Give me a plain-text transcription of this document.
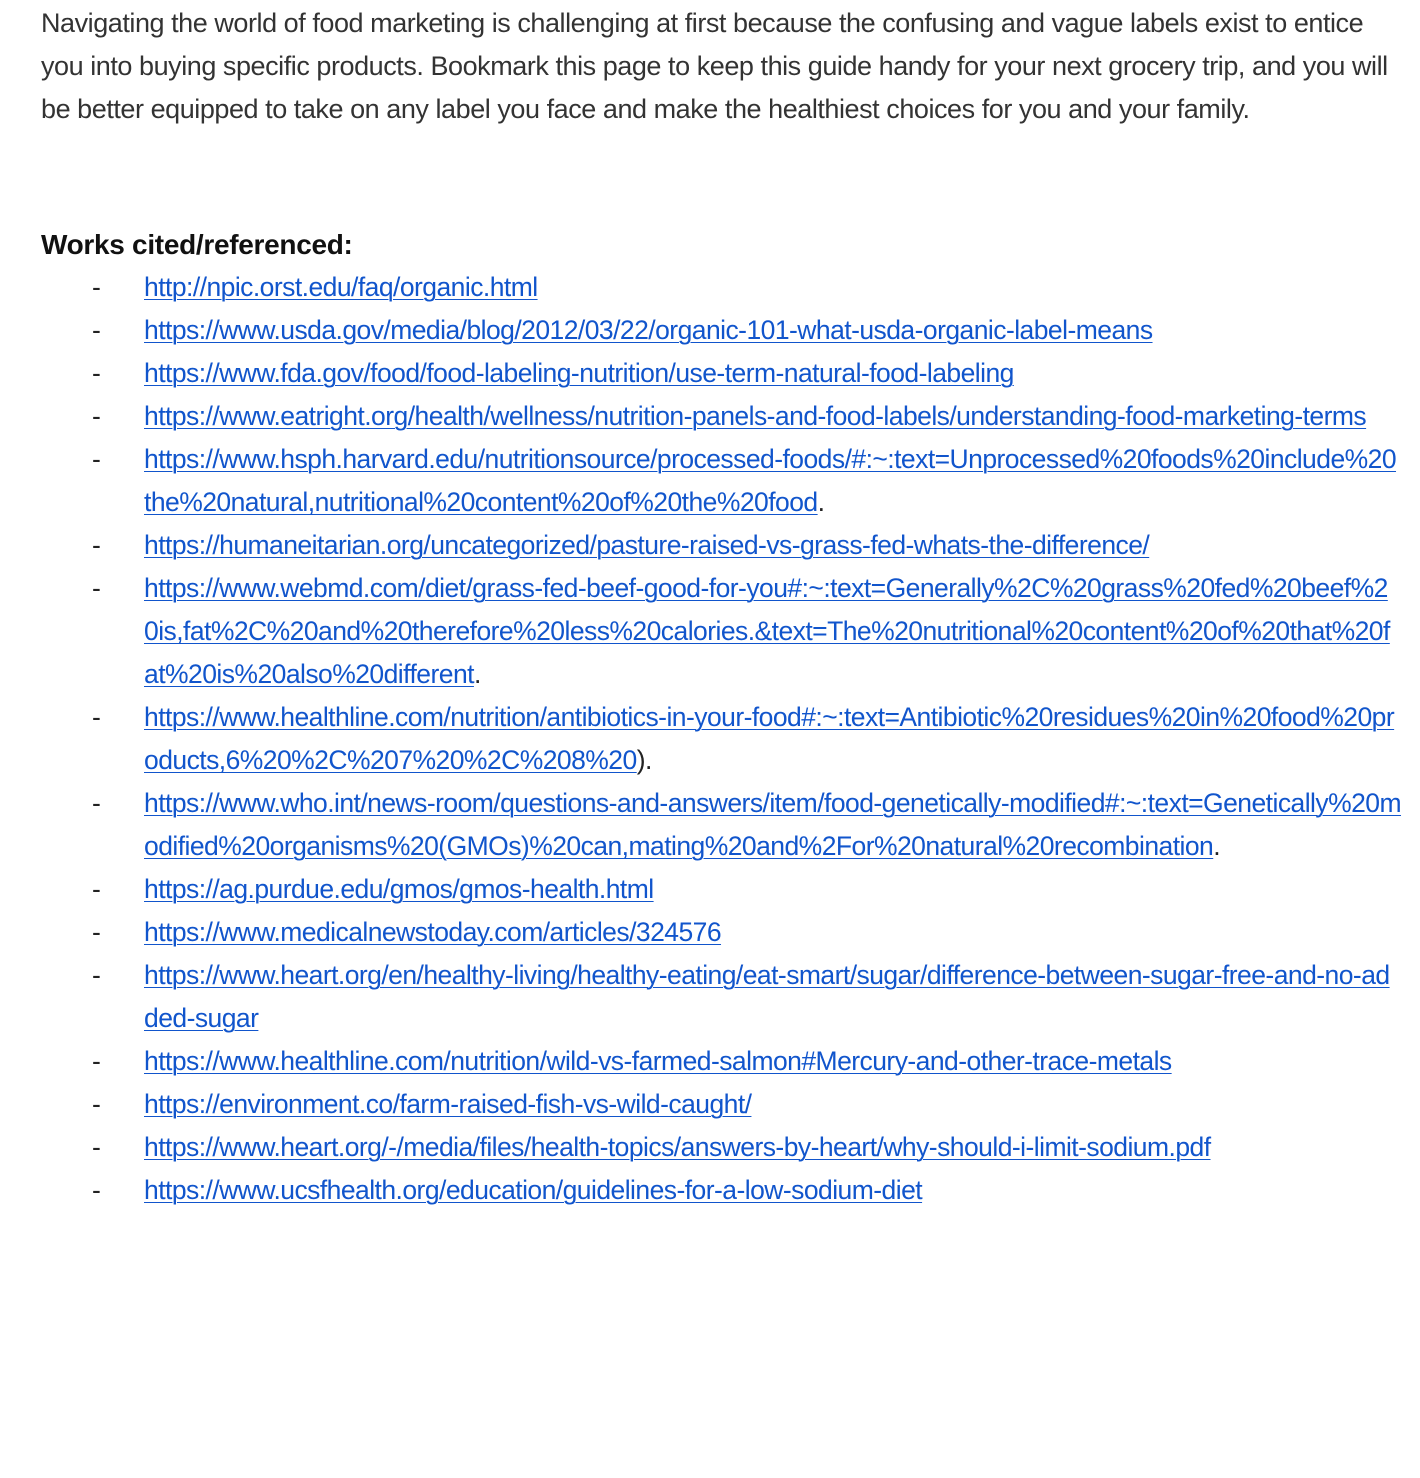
Navigating the world of food marketing is challenging at first because the confusing and vague labels exist to entice you into buying specific products. Bookmark this page to keep this guide handy for your next grocery trip, and you will be better equipped to take on any label you face and make the healthiest choices for you and your family.

Works cited/referenced:
- http://npic.orst.edu/faq/organic.html
- https://www.usda.gov/media/blog/2012/03/22/organic-101-what-usda-organic-label-means
- https://www.fda.gov/food/food-labeling-nutrition/use-term-natural-food-labeling
- https://www.eatright.org/health/wellness/nutrition-panels-and-food-labels/understanding-food-marketing-terms
- https://www.hsph.harvard.edu/nutritionsource/processed-foods/#:~:text=Unprocessed%20foods%20include%20the%20natural,nutritional%20content%20of%20the%20food.
- https://humaneitarian.org/uncategorized/pasture-raised-vs-grass-fed-whats-the-difference/
- https://www.webmd.com/diet/grass-fed-beef-good-for-you#:~:text=Generally%2C%20grass%20fed%20beef%20is,fat%2C%20and%20therefore%20less%20calories.&text=The%20nutritional%20content%20of%20that%20fat%20is%20also%20different.
- https://www.healthline.com/nutrition/antibiotics-in-your-food#:~:text=Antibiotic%20residues%20in%20food%20products,6%20%2C%207%20%2C%208%20).
- https://www.who.int/news-room/questions-and-answers/item/food-genetically-modified#:~:text=Genetically%20modified%20organisms%20(GMOs)%20can,mating%20and%2For%20natural%20recombination.
- https://ag.purdue.edu/gmos/gmos-health.html
- https://www.medicalnewstoday.com/articles/324576
- https://www.heart.org/en/healthy-living/healthy-eating/eat-smart/sugar/difference-between-sugar-free-and-no-added-sugar
- https://www.healthline.com/nutrition/wild-vs-farmed-salmon#Mercury-and-other-trace-metals
- https://environment.co/farm-raised-fish-vs-wild-caught/
- https://www.heart.org/-/media/files/health-topics/answers-by-heart/why-should-i-limit-sodium.pdf
- https://www.ucsfhealth.org/education/guidelines-for-a-low-sodium-diet
